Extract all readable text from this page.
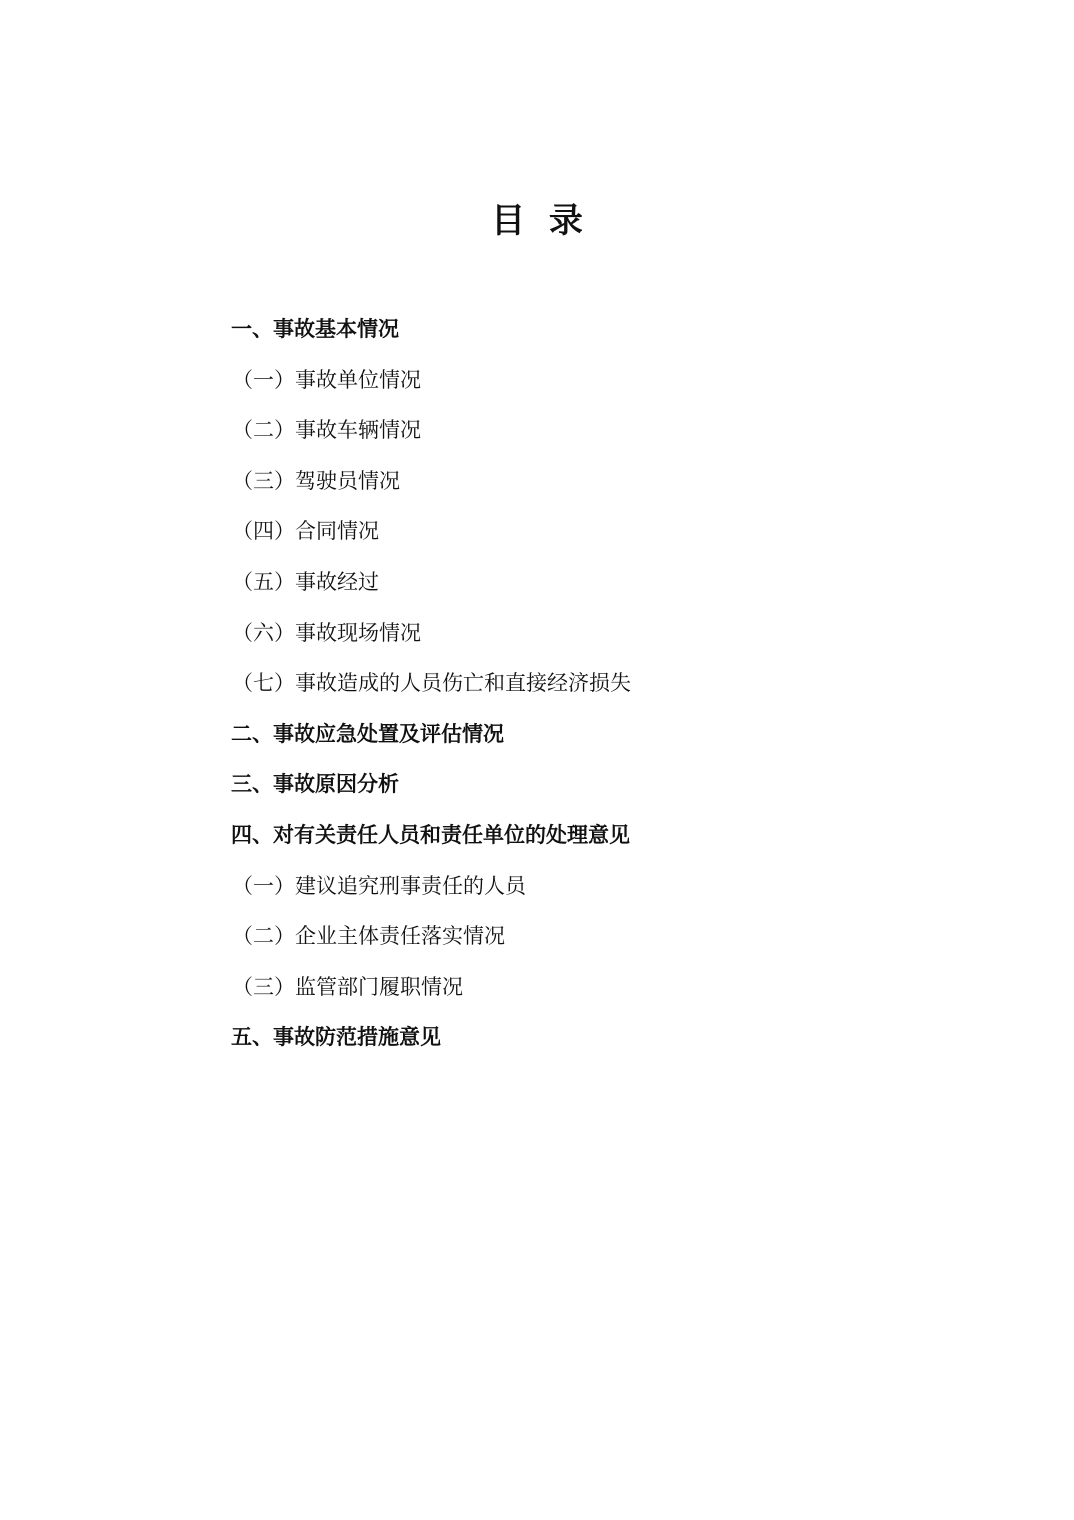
目  录
一、事故基本情况
（一）事故单位情况
（二）事故车辆情况
（三）驾驶员情况
（四）合同情况
（五）事故经过
（六）事故现场情况
（七）事故造成的人员伤亡和直接经济损失
二、事故应急处置及评估情况
三、事故原因分析
四、对有关责任人员和责任单位的处理意见
（一）建议追究刑事责任的人员
（二）企业主体责任落实情况
（三）监管部门履职情况
五、事故防范措施意见
